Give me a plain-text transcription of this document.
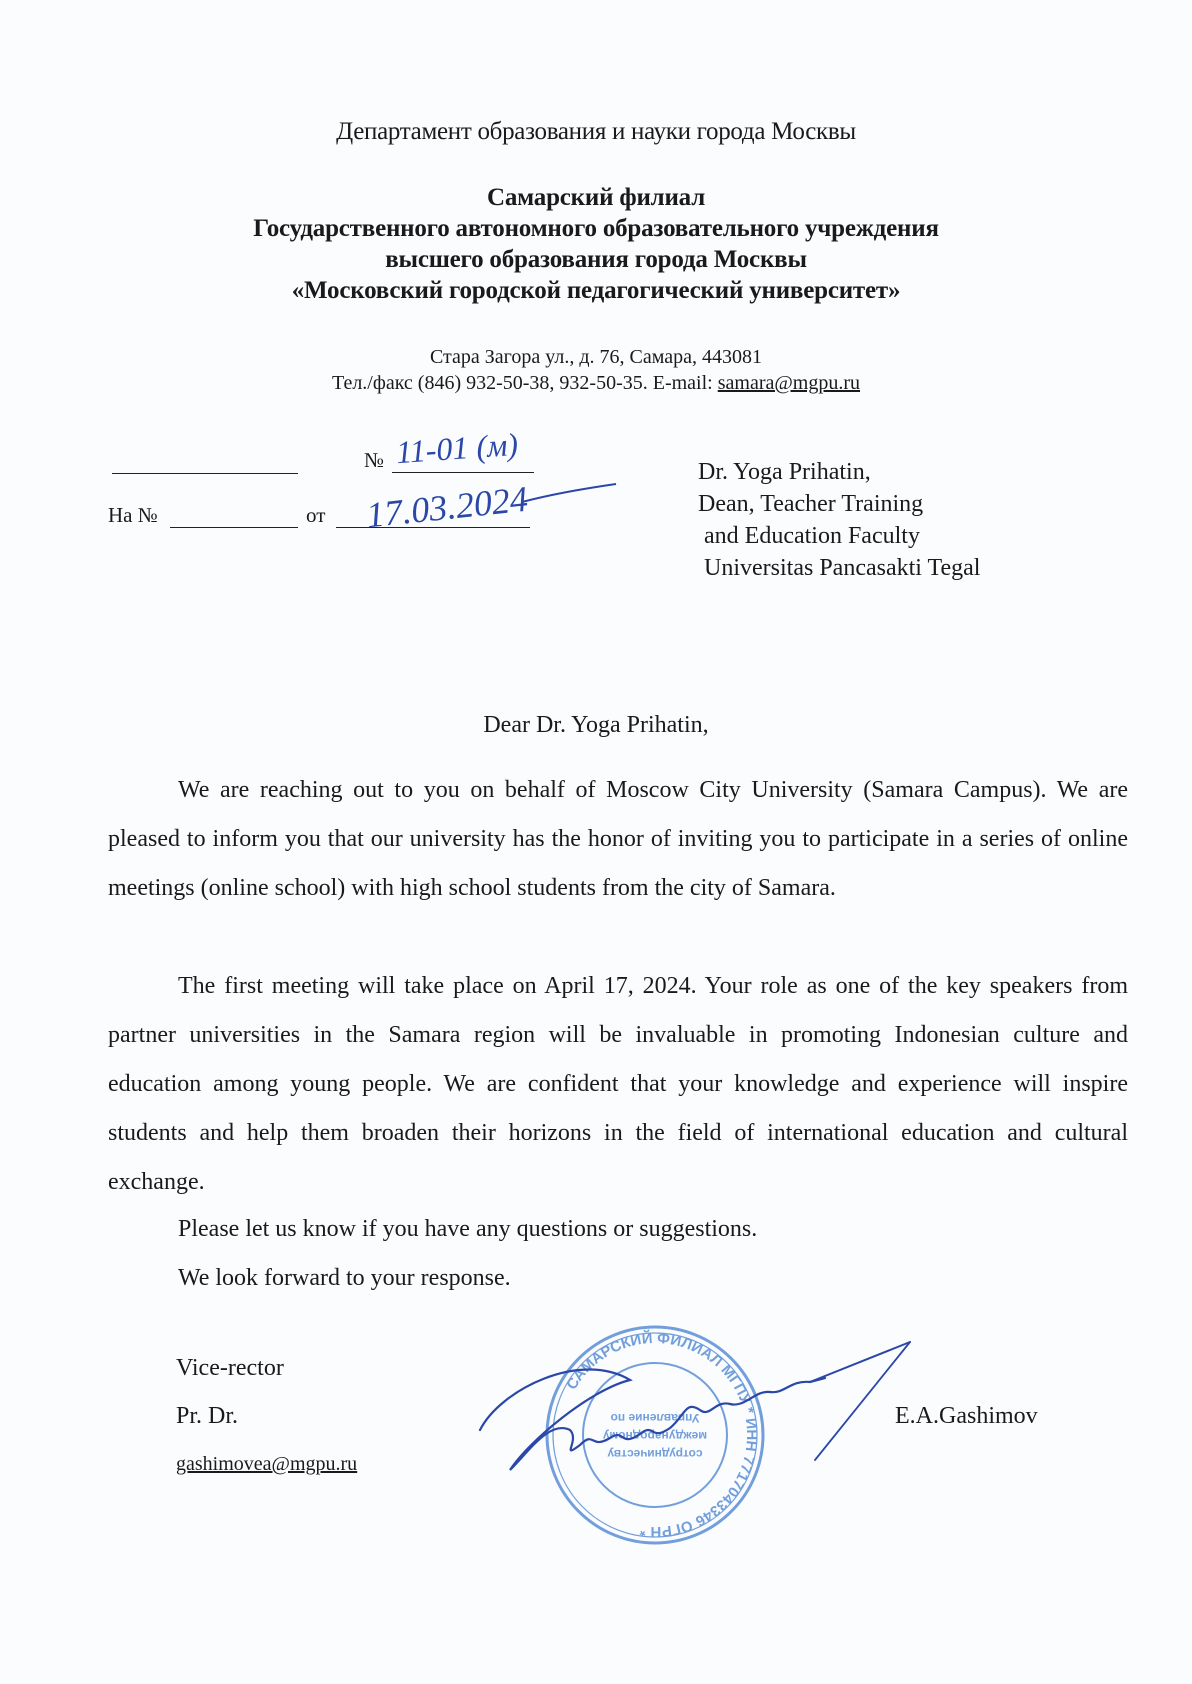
Департамент образования и науки города Москвы
Самарский филиал
Государственного автономного образовательного учреждения
высшего образования города Москвы
«Московский городской педагогический университет»
Стара Загора ул., д. 76, Самара, 443081
Тел./факс (846) 932-50-38, 932-50-35. E-mail: samara@mgpu.ru
№ 11-01 (м)
На №	от 17.03.2024
Dr. Yoga Prihatin,
Dean, Teacher Training
and Education Faculty
Universitas Pancasakti Tegal
Dear Dr. Yoga Prihatin,
We are reaching out to you on behalf of Moscow City University (Samara Campus). We are pleased to inform you that our university has the honor of inviting you to participate in a series of online meetings (online school) with high school students from the city of Samara.
The first meeting will take place on April 17, 2024. Your role as one of the key speakers from partner universities in the Samara region will be invaluable in promoting Indonesian culture and education among young people. We are confident that your knowledge and experience will inspire students and help them broaden their horizons in the field of international education and cultural exchange.
Please let us know if you have any questions or suggestions.
We look forward to your response.
Vice-rector
Pr. Dr.
gashimovea@mgpu.ru
E.A.Gashimov
САМАРСКИЙ ФИЛИАЛ МГПУ * ИНН 7717043346 ОГРН *
сотрудничеству
международному
Управление по
